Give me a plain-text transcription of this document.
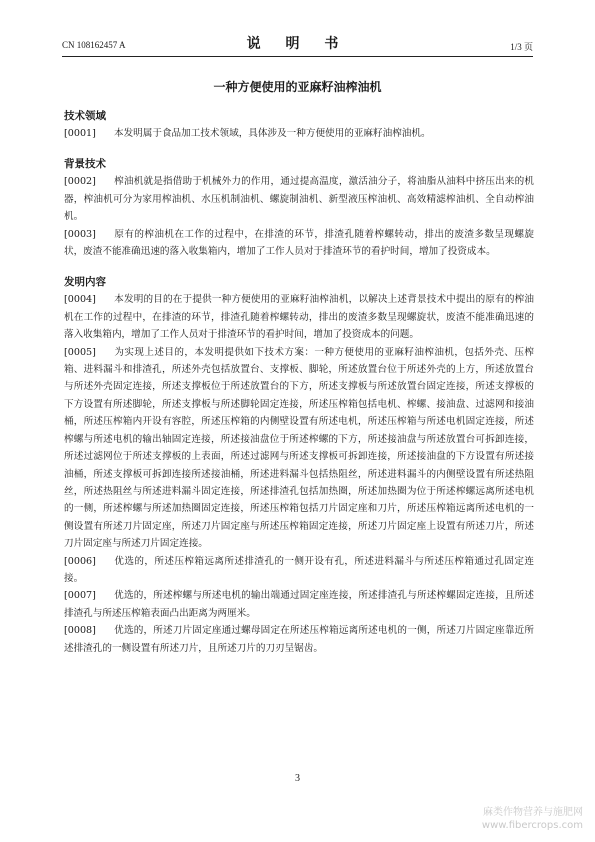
CN 108162457 A	说 明 书	1/3 页
一种方便使用的亚麻籽油榨油机

技术领域

[0001] 本发明属于食品加工技术领域，具体涉及一种方便使用的亚麻籽油榨油机。

背景技术

[0002] 榨油机就是指借助于机械外力的作用，通过提高温度，激活油分子，将油脂从油料中挤压出来的机器，榨油机可分为家用榨油机、水压机制油机、螺旋制油机、新型液压榨油机、高效精滤榨油机、全自动榨油机。

[0003] 原有的榨油机在工作的过程中，在排渣的环节，排渣孔随着榨螺转动，排出的废渣多数呈现螺旋状，废渣不能准确迅速的落入收集箱内，增加了工作人员对于排渣环节的看护时间，增加了投资成本。

发明内容

[0004] 本发明的目的在于提供一种方便使用的亚麻籽油榨油机，以解决上述背景技术中提出的原有的榨油机在工作的过程中，在排渣的环节，排渣孔随着榨螺转动，排出的废渣多数呈现螺旋状，废渣不能准确迅速的落入收集箱内，增加了工作人员对于排渣环节的看护时间，增加了投资成本的问题。

[0005] 为实现上述目的，本发明提供如下技术方案：一种方便使用的亚麻籽油榨油机，包括外壳、压榨箱、进料漏斗和排渣孔，所述外壳包括放置台、支撑板、脚轮，所述放置台位于所述外壳的上方，所述放置台与所述外壳固定连接，所述支撑板位于所述放置台的下方，所述支撑板与所述放置台固定连接，所述支撑板的下方设置有所述脚轮，所述支撑板与所述脚轮固定连接，所述压榨箱包括电机、榨螺、接油盘、过滤网和接油桶，所述压榨箱内开设有容腔，所述压榨箱的内侧壁设置有所述电机，所述压榨箱与所述电机固定连接，所述榨螺与所述电机的输出轴固定连接，所述接油盘位于所述榨螺的下方，所述接油盘与所述放置台可拆卸连接，所述过滤网位于所述支撑板的上表面，所述过滤网与所述支撑板可拆卸连接，所述接油盘的下方设置有所述接油桶，所述支撑板可拆卸连接所述接油桶，所述进料漏斗包括热阻丝，所述进料漏斗的内侧壁设置有所述热阻丝，所述热阻丝与所述进料漏斗固定连接，所述排渣孔包括加热圈，所述加热圈为位于所述榨螺远离所述电机的一侧，所述榨螺与所述加热圈固定连接，所述压榨箱包括刀片固定座和刀片，所述压榨箱远离所述电机的一侧设置有所述刀片固定座，所述刀片固定座与所述压榨箱固定连接，所述刀片固定座上设置有所述刀片，所述刀片固定座与所述刀片固定连接。

[0006] 优选的，所述压榨箱远离所述排渣孔的一侧开设有孔，所述进料漏斗与所述压榨箱通过孔固定连接。

[0007] 优选的，所述榨螺与所述电机的输出端通过固定座连接，所述排渣孔与所述榨螺固定连接，且所述排渣孔与所述压榨箱表面凸出距离为两厘米。

[0008] 优选的，所述刀片固定座通过螺母固定在所述压榨箱远离所述电机的一侧，所述刀片固定座靠近所述排渣孔的一侧设置有所述刀片，且所述刀片的刀刃呈锯齿。

3
麻类作物营养与施肥网
www.fibercrops.com
